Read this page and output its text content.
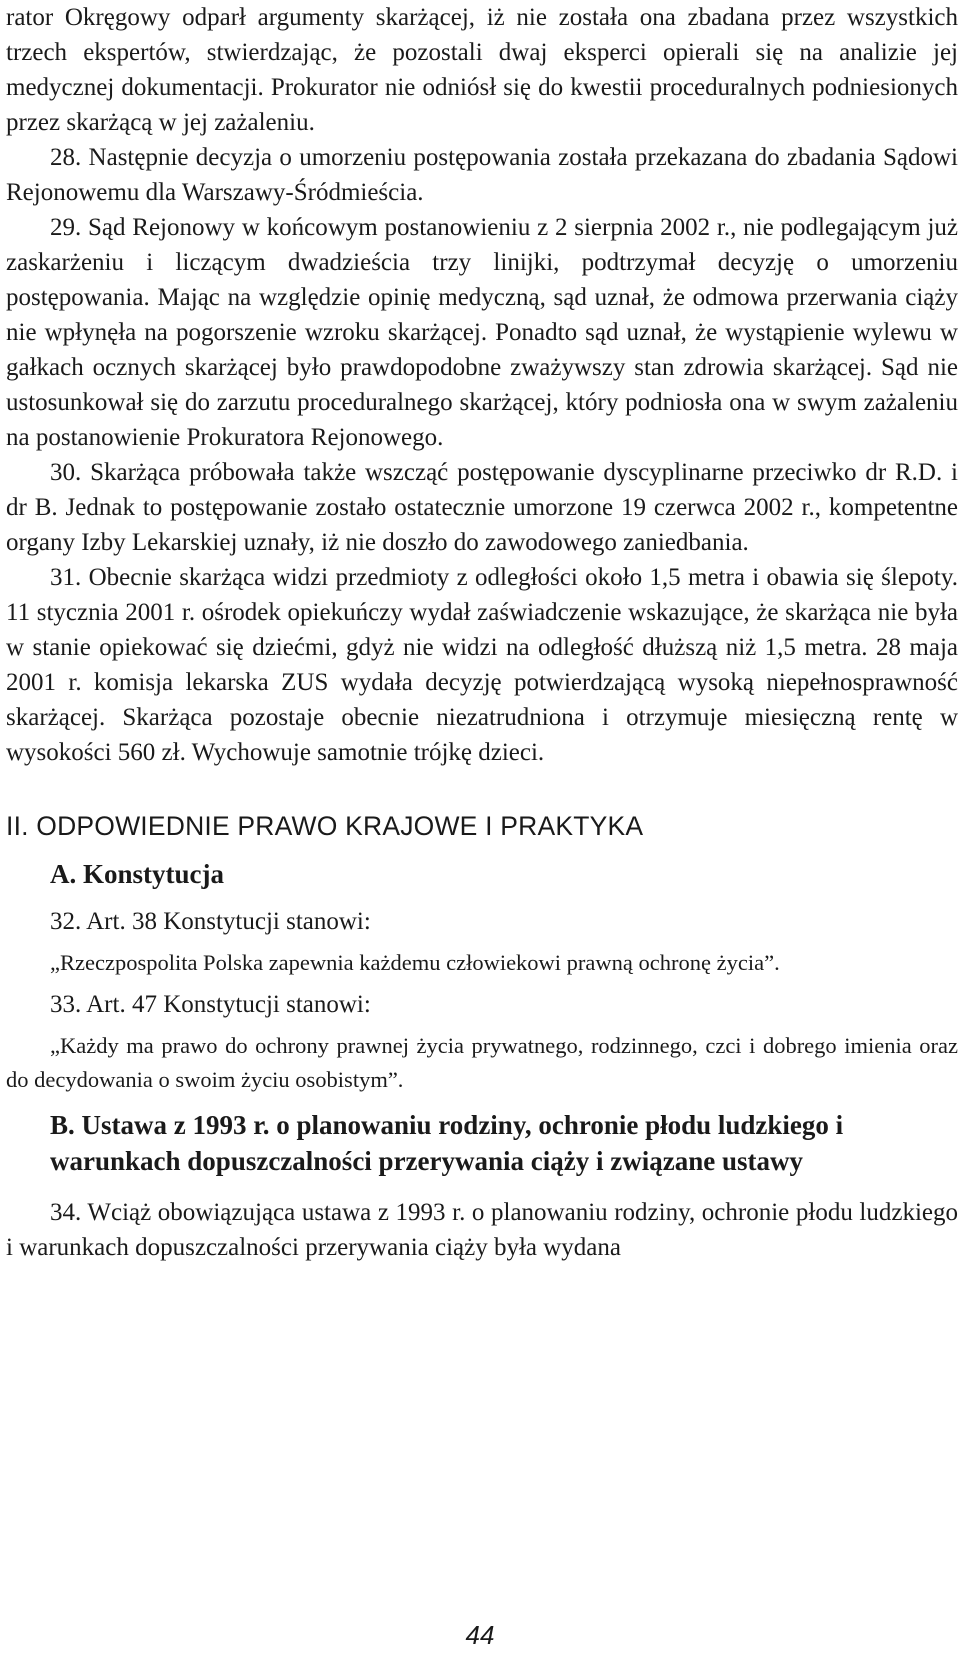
rator Okręgowy odparł argumenty skarżącej, iż nie została ona zbadana przez wszystkich trzech ekspertów, stwierdzając, że pozostali dwaj eksperci opierali się na analizie jej medycznej dokumentacji. Prokurator nie odniósł się do kwestii proceduralnych podniesionych przez skarżącą w jej zażaleniu.

28. Następnie decyzja o umorzeniu postępowania została przekazana do zbadania Sądowi Rejonowemu dla Warszawy-Śródmieścia.

29. Sąd Rejonowy w końcowym postanowieniu z 2 sierpnia 2002 r., nie podlegającym już zaskarżeniu i liczącym dwadzieścia trzy linijki, podtrzymał decyzję o umorzeniu postępowania. Mając na względzie opinię medyczną, sąd uznał, że odmowa przerwania ciąży nie wpłynęła na pogorszenie wzroku skarżącej. Ponadto sąd uznał, że wystąpienie wylewu w gałkach ocznych skarżącej było prawdopodobne zważywszy stan zdrowia skarżącej. Sąd nie ustosunkował się do zarzutu proceduralnego skarżącej, który podniosła ona w swym zażaleniu na postanowienie Prokuratora Rejonowego.

30. Skarżąca próbowała także wszcząć postępowanie dyscyplinarne przeciwko dr R.D. i dr B. Jednak to postępowanie zostało ostatecznie umorzone 19 czerwca 2002 r., kompetentne organy Izby Lekarskiej uznały, iż nie doszło do zawodowego zaniedbania.

31. Obecnie skarżąca widzi przedmioty z odległości około 1,5 metra i obawia się ślepoty. 11 stycznia 2001 r. ośrodek opiekuńczy wydał zaświadczenie wskazujące, że skarżąca nie była w stanie opiekować się dziećmi, gdyż nie widzi na odległość dłuższą niż 1,5 metra. 28 maja 2001 r. komisja lekarska ZUS wydała decyzję potwierdzającą wysoką niepełnosprawność skarżącej. Skarżąca pozostaje obecnie niezatrudniona i otrzymuje miesięczną rentę w wysokości 560 zł. Wychowuje samotnie trójkę dzieci.

II. ODPOWIEDNIE PRAWO KRAJOWE I PRAKTYKA
A. Konstytucja

32. Art. 38 Konstytucji stanowi:

„Rzeczpospolita Polska zapewnia każdemu człowiekowi prawną ochronę życia”.

33. Art. 47 Konstytucji stanowi:

„Każdy ma prawo do ochrony prawnej życia prywatnego, rodzinnego, czci i dobrego imienia oraz do decydowania o swoim życiu osobistym”.

B. Ustawa z 1993 r. o planowaniu rodziny, ochronie płodu ludzkiego i warunkach dopuszczalności przerywania ciąży i związane ustawy

34. Wciąż obowiązująca ustawa z 1993 r. o planowaniu rodziny, ochronie płodu ludzkiego i warunkach dopuszczalności przerywania ciąży była wydana

44
